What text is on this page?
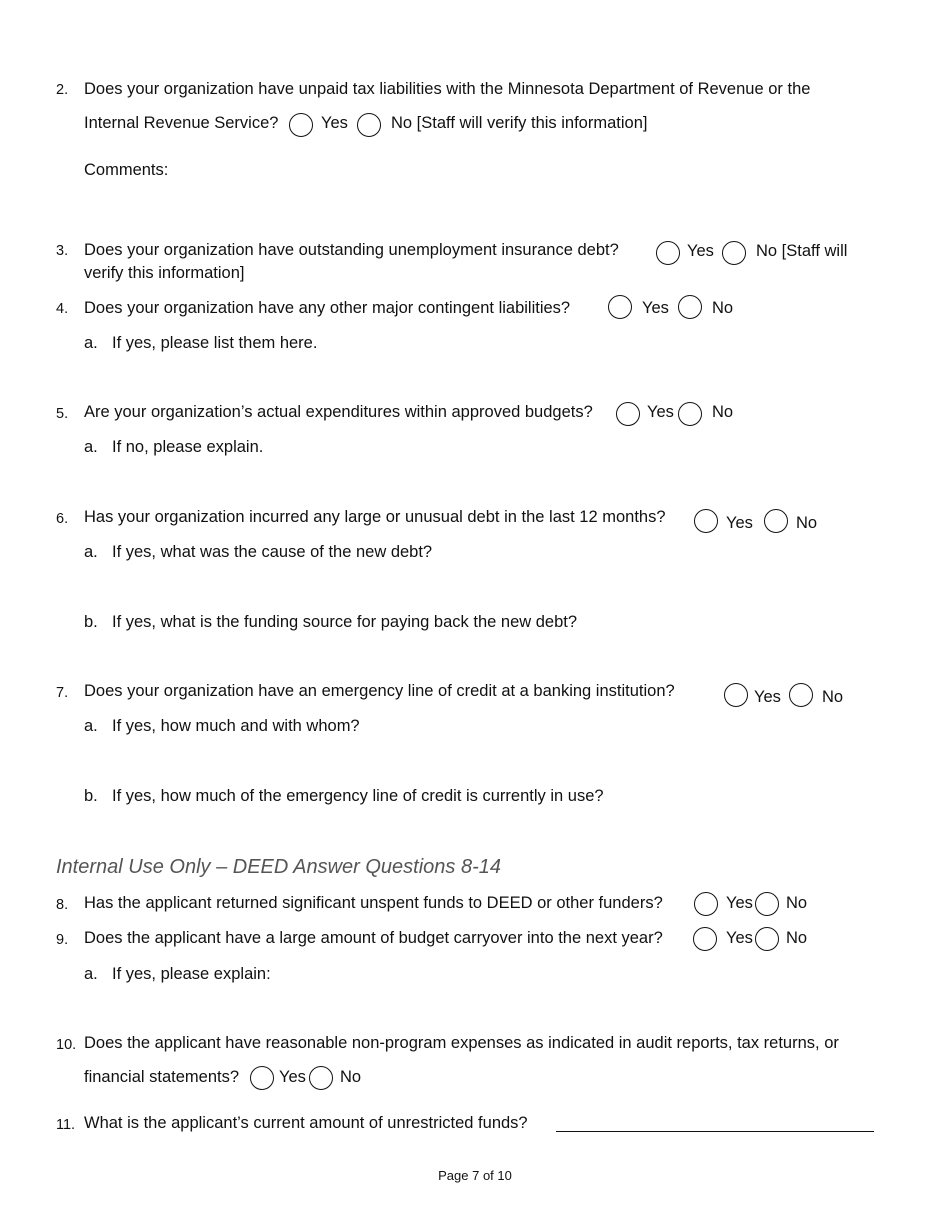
2. Does your organization have unpaid tax liabilities with the Minnesota Department of Revenue or the
Internal Revenue Service?	Yes	No [Staff will verify this information]
Comments:
3. Does your organization have outstanding unemployment insurance debt?	Yes	No [Staff will
verify this information]
4. Does your organization have any other major contingent liabilities?	Yes	No
a. If yes, please list them here.
5. Are your organization’s actual expenditures within approved budgets?	Yes No
a. If no, please explain.
6. Has your organization incurred any large or unusual debt in the last 12 months?	Yes	No
a. If yes, what was the cause of the new debt?
b. If yes, what is the funding source for paying back the new debt?
7. Does your organization have an emergency line of credit at a banking institution?	Yes No
a. If yes, how much and with whom?
b. If yes, how much of the emergency line of credit is currently in use?
Internal Use Only – DEED Answer Questions 8-14
8. Has the applicant returned significant unspent funds to DEED or other funders?	Yes No
9. Does the applicant have a large amount of budget carryover into the next year?	Yes No
a. If yes, please explain:
10. Does the applicant have reasonable non-program expenses as indicated in audit reports, tax returns, or
financial statements? Yes No
11. What is the applicant’s current amount of unrestricted funds?
Page 7 of 10
